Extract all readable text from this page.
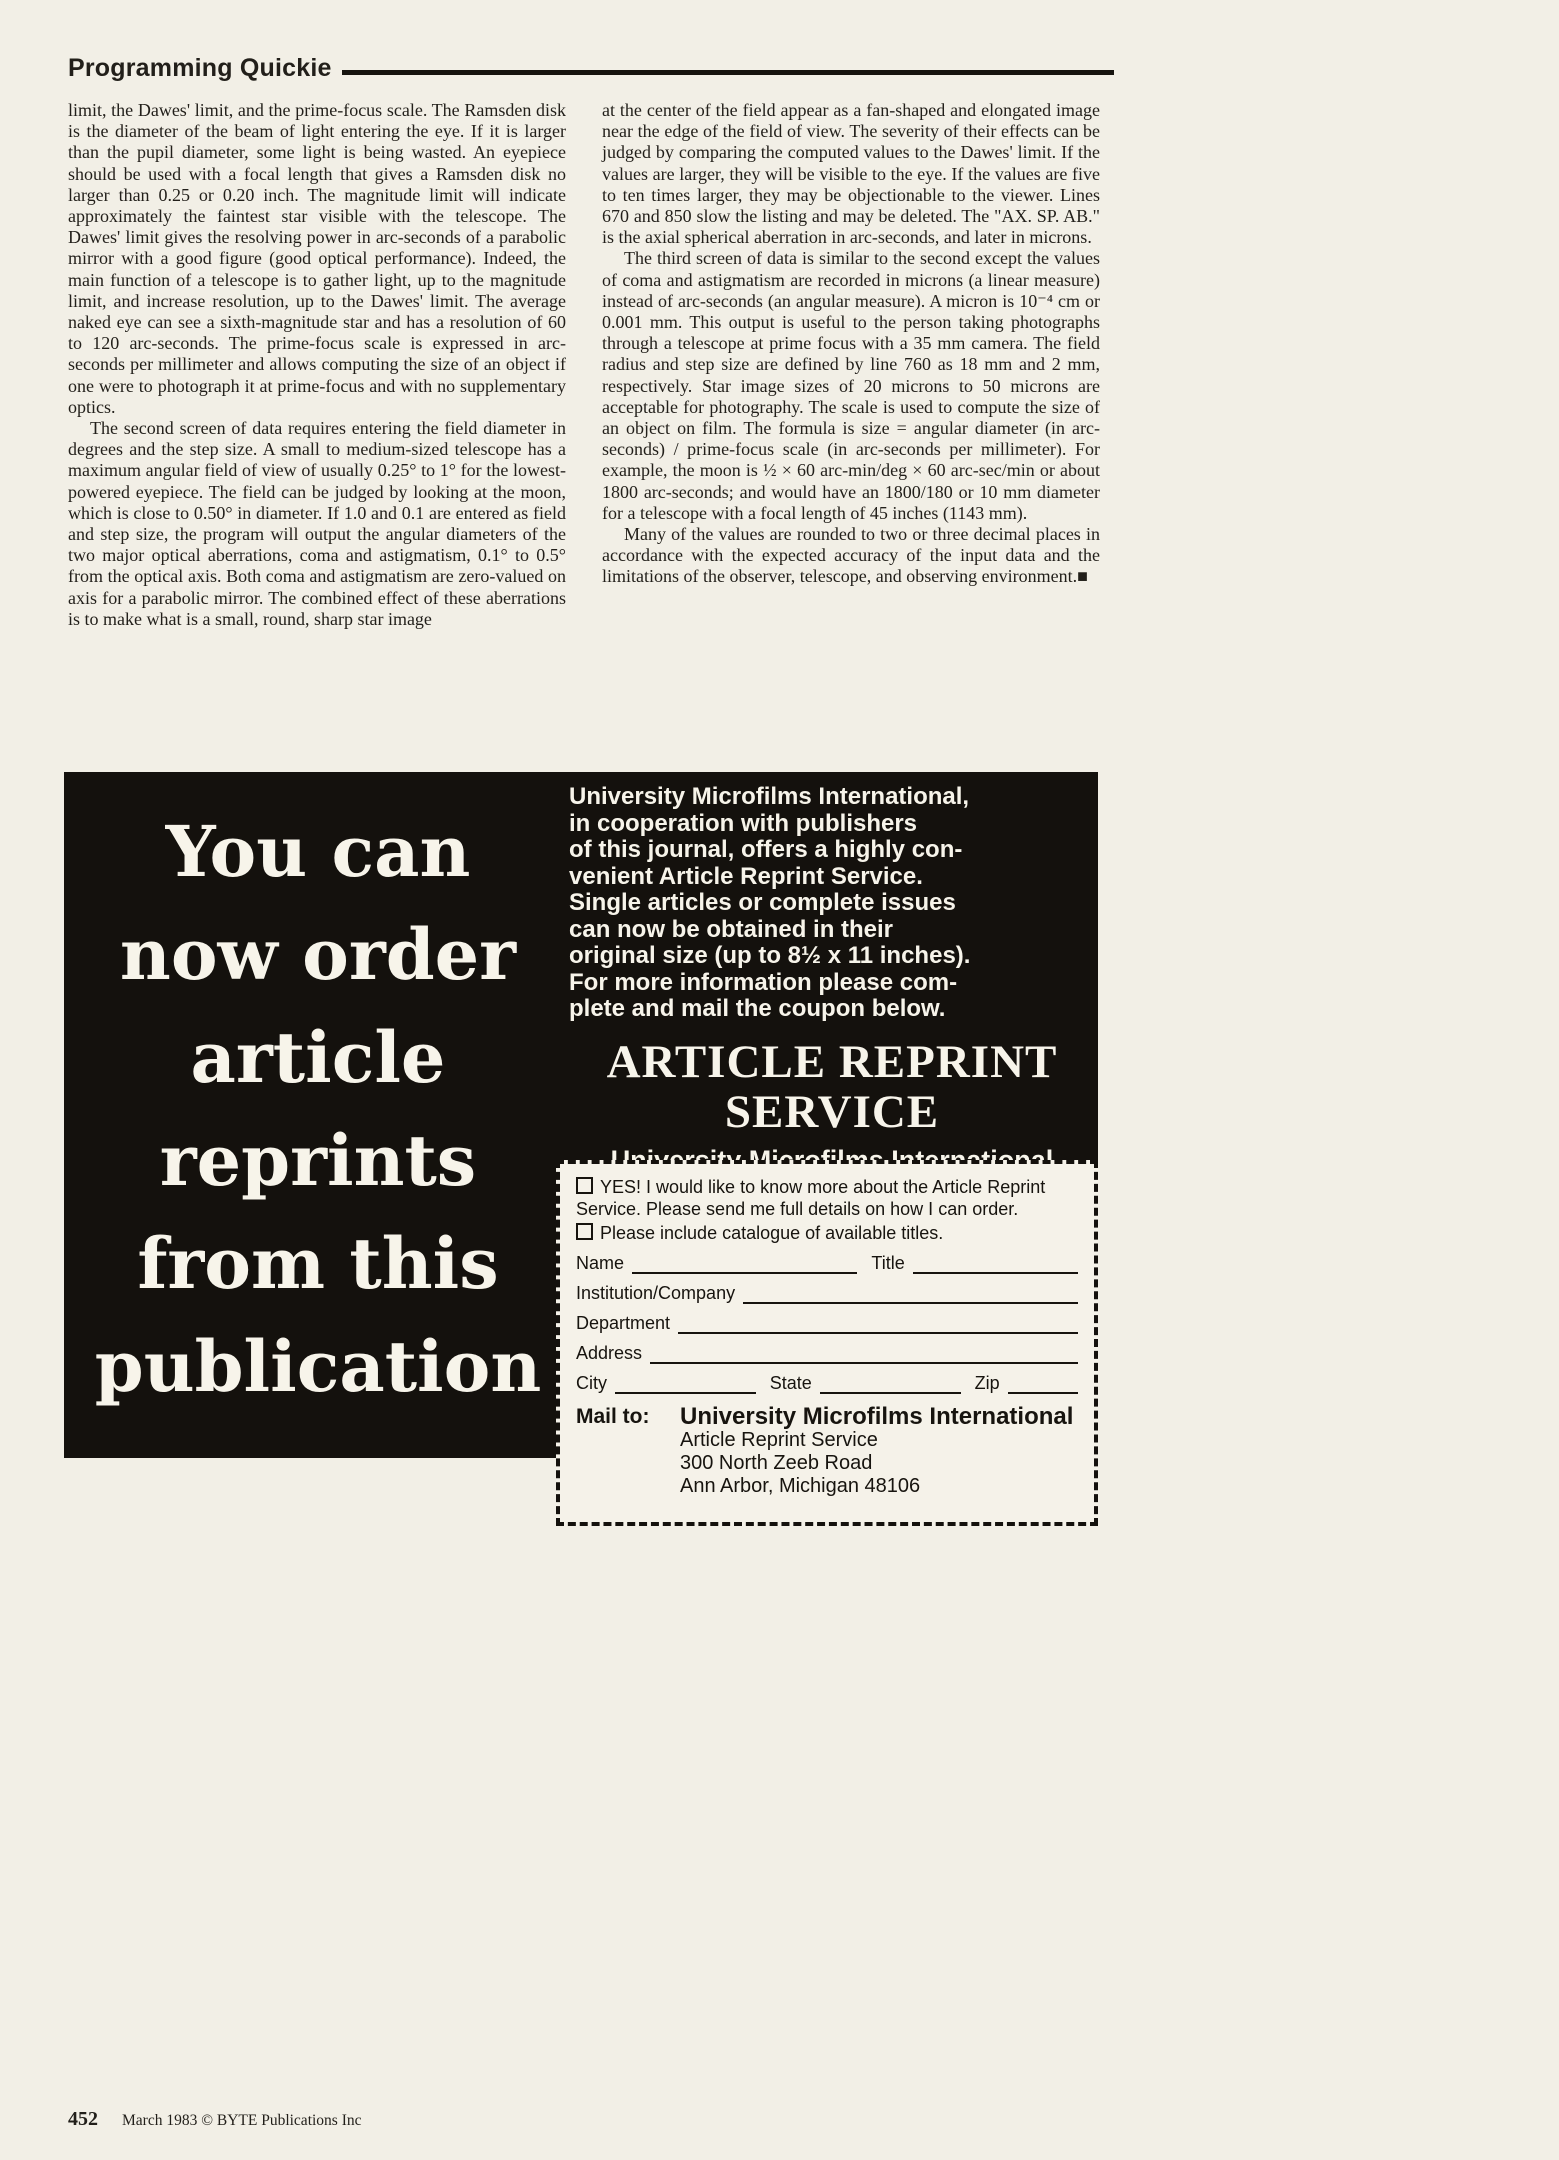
Programming Quickie

limit, the Dawes' limit, and the prime-focus scale. The Ramsden disk is the diameter of the beam of light entering the eye. If it is larger than the pupil diameter, some light is being wasted. An eyepiece should be used with a focal length that gives a Ramsden disk no larger than 0.25 or 0.20 inch. The magnitude limit will indicate approximately the faintest star visible with the telescope. The Dawes' limit gives the resolving power in arc-seconds of a parabolic mirror with a good figure (good optical performance). Indeed, the main function of a telescope is to gather light, up to the magnitude limit, and increase resolution, up to the Dawes' limit. The average naked eye can see a sixth-magnitude star and has a resolution of 60 to 120 arc-seconds. The prime-focus scale is expressed in arc-seconds per millimeter and allows computing the size of an object if one were to photograph it at prime-focus and with no supplementary optics.

The second screen of data requires entering the field diameter in degrees and the step size. A small to medium-sized telescope has a maximum angular field of view of usually 0.25° to 1° for the lowest-powered eyepiece. The field can be judged by looking at the moon, which is close to 0.50° in diameter. If 1.0 and 0.1 are entered as field and step size, the program will output the angular diameters of the two major optical aberrations, coma and astigmatism, 0.1° to 0.5° from the optical axis. Both coma and astigmatism are zero-valued on axis for a parabolic mirror. The combined effect of these aberrations is to make what is a small, round, sharp star image

at the center of the field appear as a fan-shaped and elongated image near the edge of the field of view. The severity of their effects can be judged by comparing the computed values to the Dawes' limit. If the values are larger, they will be visible to the eye. If the values are five to ten times larger, they may be objectionable to the viewer. Lines 670 and 850 slow the listing and may be deleted. The "AX. SP. AB." is the axial spherical aberration in arc-seconds, and later in microns.

The third screen of data is similar to the second except the values of coma and astigmatism are recorded in microns (a linear measure) instead of arc-seconds (an angular measure). A micron is 10⁻⁴ cm or 0.001 mm. This output is useful to the person taking photographs through a telescope at prime focus with a 35 mm camera. The field radius and step size are defined by line 760 as 18 mm and 2 mm, respectively. Star image sizes of 20 microns to 50 microns are acceptable for photography. The scale is used to compute the size of an object on film. The formula is size = angular diameter (in arc-seconds) / prime-focus scale (in arc-seconds per millimeter). For example, the moon is ½ × 60 arc-min/deg × 60 arc-sec/min or about 1800 arc-seconds; and would have an 1800/180 or 10 mm diameter for a telescope with a focal length of 45 inches (1143 mm).

Many of the values are rounded to two or three decimal places in accordance with the expected accuracy of the input data and the limitations of the observer, telescope, and observing environment.■

You can
now order
article
reprints
from this
publication
University Microfilms International,
in cooperation with publishers
of this journal, offers a highly con-
venient Article Reprint Service.
Single articles or complete issues
can now be obtained in their
original size (up to 8½ x 11 inches).
For more information please com-
plete and mail the coupon below.
ARTICLE REPRINT
SERVICE

YES! I would like to know more about the Article Reprint Service. Please send me full details on how I can order.

Please include catalogue of available titles.

Name	Title
Institution/Company
Department
Address
City	State	Zip
Mail to:	University Microfilms International
Article Reprint Service
300 North Zeeb Road
Ann Arbor, Michigan 48106
452 March 1983 © BYTE Publications Inc
